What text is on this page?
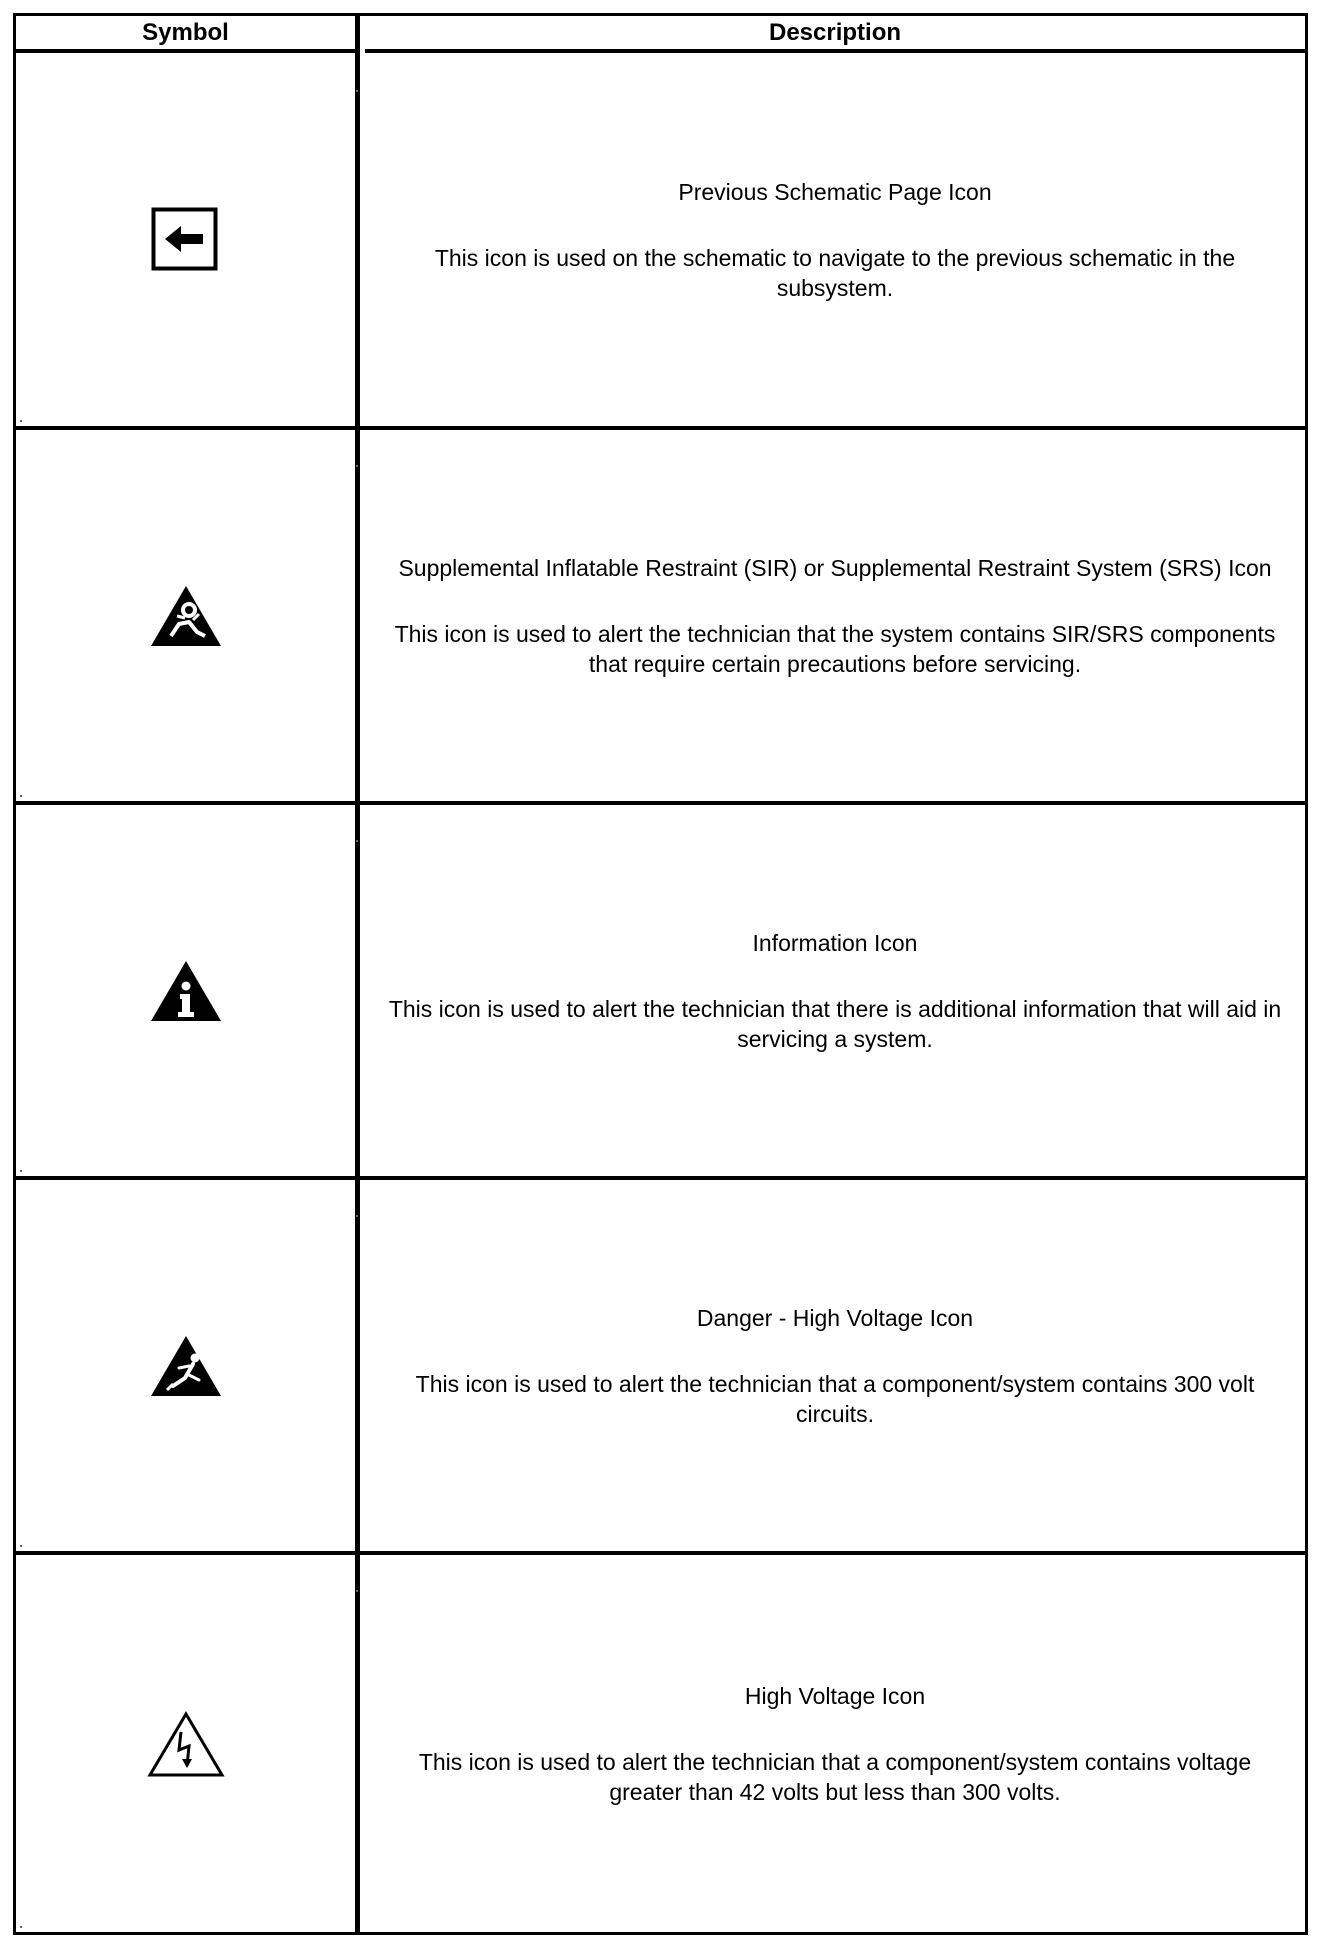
Symbol	Description
Previous Schematic Page Icon
This icon is used on the schematic to navigate to the previous schematic in the subsystem.
Supplemental Inflatable Restraint (SIR) or Supplemental Restraint System (SRS) Icon
This icon is used to alert the technician that the system contains SIR/SRS components that require certain precautions before servicing.
Information Icon
This icon is used to alert the technician that there is additional information that will aid in servicing a system.
Danger - High Voltage Icon
This icon is used to alert the technician that a component/system contains 300 volt circuits.
High Voltage Icon
This icon is used to alert the technician that a component/system contains voltage greater than 42 volts but less than 300 volts.
